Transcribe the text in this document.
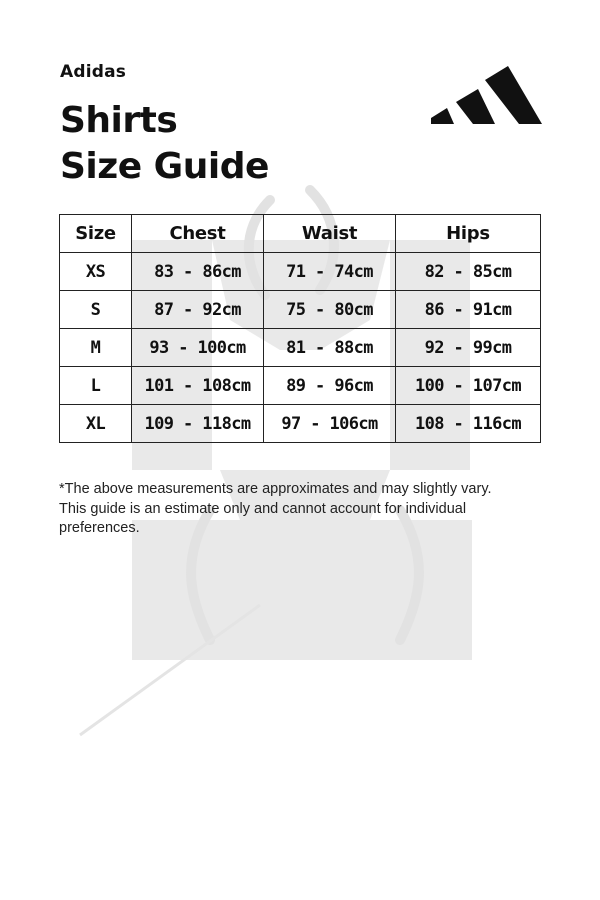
Adidas
Shirts
Size Guide
Size	Chest	Waist	Hips
XS	83 - 86cm	71 - 74cm	82 - 85cm
S	87 - 92cm	75 - 80cm	86 - 91cm
M	93 - 100cm	81 - 88cm	92 - 99cm
L	101 - 108cm	89 - 96cm	100 - 107cm
XL	109 - 118cm	97 - 106cm	108 - 116cm
*The above measurements are approximates and may slightly vary.
This guide is an estimate only and cannot account for individual
preferences.
